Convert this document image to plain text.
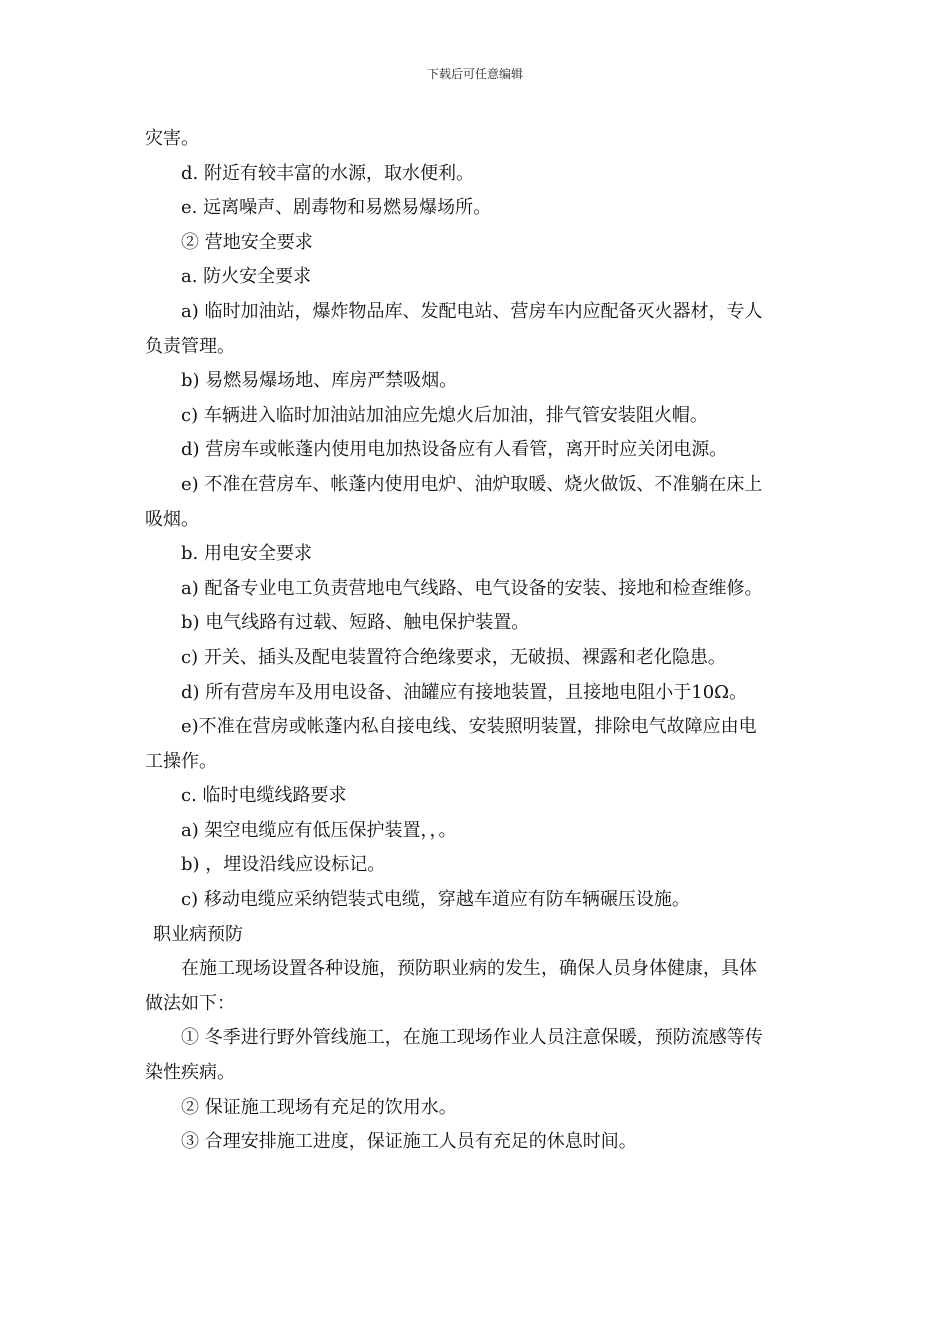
下载后可任意编辑
灾害。
d. 附近有较丰富的水源，取水便利。
e. 远离噪声、剧毒物和易燃易爆场所。
② 营地安全要求
a. 防火安全要求
a) 临时加油站，爆炸物品库、发配电站、营房车内应配备灭火器材，专人
负责管理。
b) 易燃易爆场地、库房严禁吸烟。
c) 车辆进入临时加油站加油应先熄火后加油，排气管安装阻火帽。
d) 营房车或帐蓬内使用电加热设备应有人看管，离开时应关闭电源。
e) 不准在营房车、帐蓬内使用电炉、油炉取暖、烧火做饭、不准躺在床上
吸烟。
b. 用电安全要求
a) 配备专业电工负责营地电气线路、电气设备的安装、接地和检查维修。
b) 电气线路有过载、短路、触电保护装置。
c) 开关、插头及配电装置符合绝缘要求，无破损、裸露和老化隐患。
d) 所有营房车及用电设备、油罐应有接地装置，且接地电阻小于10Ω。
e)不准在营房或帐蓬内私自接电线、安装照明装置，排除电气故障应由电
工操作。
c. 临时电缆线路要求
a) 架空电缆应有低压保护装置，，。
b) ，埋设沿线应设标记。
c) 移动电缆应采纳铠装式电缆，穿越车道应有防车辆碾压设施。
职业病预防
在施工现场设置各种设施，预防职业病的发生，确保人员身体健康，具体
做法如下：
① 冬季进行野外管线施工，在施工现场作业人员注意保暖，预防流感等传
染性疾病。
② 保证施工现场有充足的饮用水。
③ 合理安排施工进度，保证施工人员有充足的休息时间。
